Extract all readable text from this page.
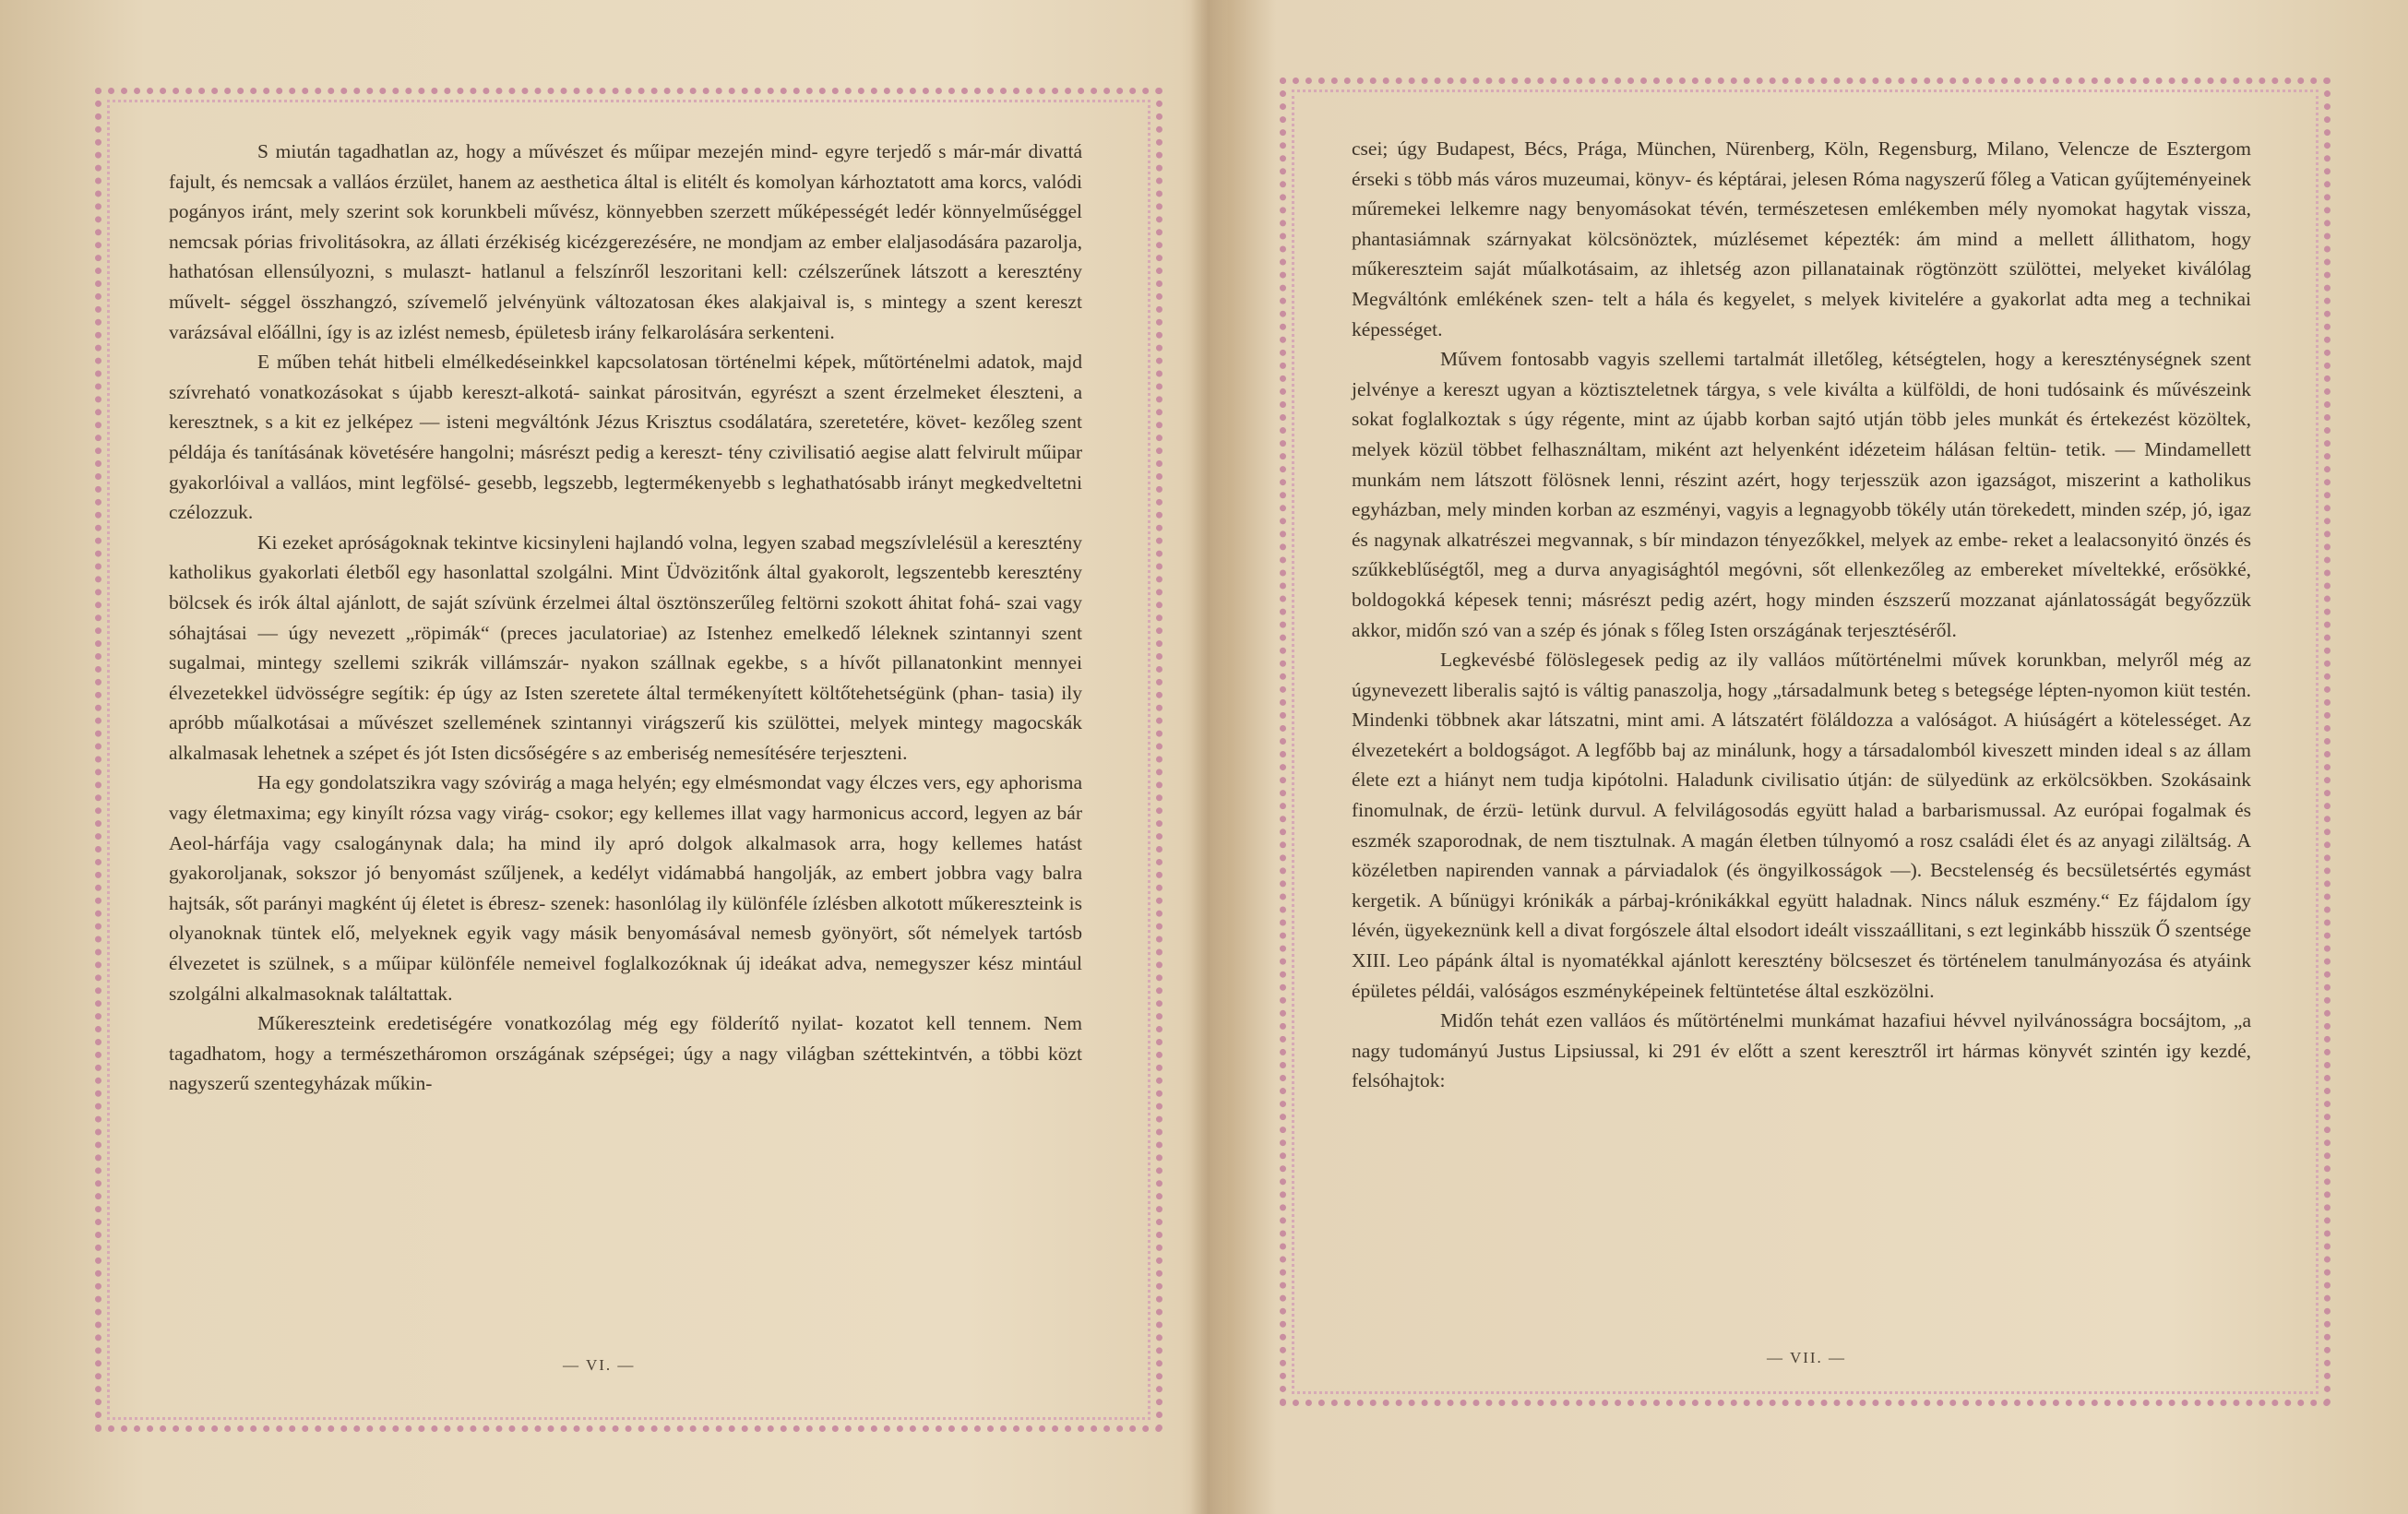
S miután tagadhatlan az, hogy a művészet és műipar mezején mind- egyre terjedő s már-már divattá fajult, és nemcsak a valláos érzület, hanem az aesthetica által is elitélt és komolyan kárhoztatott ama korcs, valódi pogányos iránt, mely szerint sok korunkbeli művész, könnyebben szerzett műképességét ledér könnyelműséggel nemcsak pórias frivolitásokra, az állati érzékiség kicézgerezésére, ne mondjam az ember elaljasodására pazarolja, hathatósan ellensúlyozni, s mulaszt- hatlanul a felszínről leszoritani kell: czélszerűnek látszott a keresztény művelt- séggel összhangzó, szívemelő jelvényünk változatosan ékes alakjaival is, s mintegy a szent kereszt varázsával előállni, így is az izlést nemesb, épületesb irány felkarolására serkenteni.

E műben tehát hitbeli elmélkedéseinkkel kapcsolatosan történelmi képek, műtörténelmi adatok, majd szívreható vonatkozásokat s újabb kereszt-alkotá- sainkat párositván, egyrészt a szent érzelmeket éleszteni, a keresztnek, s a kit ez jelképez — isteni megváltónk Jézus Krisztus csodálatára, szeretetére, követ- kezőleg szent példája és tanításának követésére hangolni; másrészt pedig a kereszt- tény czivilisatió aegise alatt felvirult műipar gyakorlóival a valláos, mint legfölsé- gesebb, legszebb, legtermékenyebb s leghathatósabb irányt megkedveltetni czélozzuk.

Ki ezeket apróságoknak tekintve kicsinyleni hajlandó volna, legyen szabad megszívlelésül a keresztény katholikus gyakorlati életből egy hasonlattal szolgálni. Mint Üdvözitőnk által gyakorolt, legszentebb keresztény bölcsek és irók által ajánlott, de saját szívünk érzelmei által ösztönszerűleg feltörni szokott áhitat fohá- szai vagy sóhajtásai — úgy nevezett „röpimák“ (preces jaculatoriae) az Istenhez emelkedő léleknek szintannyi szent sugalmai, mintegy szellemi szikrák villámszár- nyakon szállnak egekbe, s a hívőt pillanatonkint mennyei élvezetekkel üdvösségre segítik: ép úgy az Isten szeretete által termékenyített költőtehetségünk (phan- tasia) ily apróbb műalkotásai a művészet szellemének szintannyi virágszerű kis szülöttei, melyek mintegy magocskák alkalmasak lehetnek a szépet és jót Isten dicsőségére s az emberiség nemesítésére terjeszteni.

Ha egy gondolatszikra vagy szóvirág a maga helyén; egy elmésmondat vagy élczes vers, egy aphorisma vagy életmaxima; egy kinyílt rózsa vagy virág- csokor; egy kellemes illat vagy harmonicus accord, legyen az bár Aeol-hárfája vagy csalogánynak dala; ha mind ily apró dolgok alkalmasok arra, hogy kellemes hatást gyakoroljanak, sokszor jó benyomást szűljenek, a kedélyt vidámabbá hangolják, az embert jobbra vagy balra hajtsák, sőt parányi magként új életet is ébresz- szenek: hasonlólag ily különféle ízlésben alkotott műkereszteink is olyanoknak tüntek elő, melyeknek egyik vagy másik benyomásával nemesb gyönyört, sőt némelyek tartósb élvezetet is szülnek, s a műipar különféle nemeivel foglalkozóknak új ideákat adva, nemegyszer kész mintául szolgálni alkalmasoknak találtattak.

Műkereszteink eredetiségére vonatkozólag még egy földerítő nyilat- kozatot kell tennem. Nem tagadhatom, hogy a természetháromon országának szépségei; úgy a nagy világban széttekintvén, a többi közt nagyszerű szentegyházak műkin-

— VI. —

csei; úgy Budapest, Bécs, Prága, München, Nürenberg, Köln, Regensburg, Milano, Velencze de Esztergom érseki s több más város muzeumai, könyv- és képtárai, jelesen Róma nagyszerű főleg a Vatican gyűjteményeinek műremekei lelkemre nagy benyomásokat tévén, természetesen emlékemben mély nyomokat hagytak vissza, phantasiámnak szárnyakat kölcsönöztek, múzlésemet képezték: ám mind a mellett állithatom, hogy műkereszteim saját műalkotásaim, az ihletség azon pillanatainak rögtönzött szülöttei, melyeket kiválólag Megváltónk emlékének szen- telt a hála és kegyelet, s melyek kivitelére a gyakorlat adta meg a technikai képességet.

Művem fontosabb vagyis szellemi tartalmát illetőleg, kétségtelen, hogy a kereszténységnek szent jelvénye a kereszt ugyan a köztiszteletnek tárgya, s vele kiválta a külföldi, de honi tudósaink és művészeink sokat foglalkoztak s úgy régente, mint az újabb korban sajtó utján több jeles munkát és értekezést közöltek, melyek közül többet felhasználtam, miként azt helyenként idézeteim hálásan feltün- tetik. — Mindamellett munkám nem látszott fölösnek lenni, részint azért, hogy terjesszük azon igazságot, miszerint a katholikus egyházban, mely minden korban az eszményi, vagyis a legnagyobb tökély után törekedett, minden szép, jó, igaz és nagynak alkatrészei megvannak, s bír mindazon tényezőkkel, melyek az embe- reket a lealacsonyitó önzés és szűkkeblűségtől, meg a durva anyagisághtól megóvni, sőt ellenkezőleg az embereket míveltekké, erősökké, boldogokká képesek tenni; másrészt pedig azért, hogy minden észszerű mozzanat ajánlatosságát begyőzzük akkor, midőn szó van a szép és jónak s főleg Isten országának terjesztéséről.

Legkevésbé fölöslegesek pedig az ily valláos műtörténelmi művek korunkban, melyről még az úgynevezett liberalis sajtó is váltig panaszolja, hogy „társadalmunk beteg s betegsége lépten-nyomon kiüt testén. Mindenki többnek akar látszatni, mint ami. A látszatért föláldozza a valóságot. A hiúságért a kötelességet. Az élvezetekért a boldogságot. A legfőbb baj az minálunk, hogy a társadalomból kiveszett minden ideal s az állam élete ezt a hiányt nem tudja kipótolni. Haladunk civilisatio útján: de sülyedünk az erkölcsökben. Szokásaink finomulnak, de érzü- letünk durvul. A felvilágosodás együtt halad a barbarismussal. Az európai fogalmak és eszmék szaporodnak, de nem tisztulnak. A magán életben túlnyomó a rosz családi élet és az anyagi zilältság. A közéletben napirenden vannak a párviadalok (és öngyilkosságok —). Becstelenség és becsületsértés egymást kergetik. A bűnügyi krónikák a párbaj-krónikákkal együtt haladnak. Nincs náluk eszmény.“ Ez fájdalom így lévén, ügyekeznünk kell a divat forgószele által elsodort ideált visszaállitani, s ezt leginkább hisszük Ő szentsége XIII. Leo pápánk által is nyomatékkal ajánlott keresztény bölcseszet és történelem tanulmányozása és atyáink épületes példái, valóságos eszményképeinek feltüntetése által eszközölni.

Midőn tehát ezen valláos és műtörténelmi munkámat hazafiui hévvel nyilvánosságra bocsájtom, „a nagy tudományú Justus Lipsiussal, ki 291 év előtt a szent keresztről irt hármas könyvét szintén igy kezdé, felsóhajtok:

— VII. —
